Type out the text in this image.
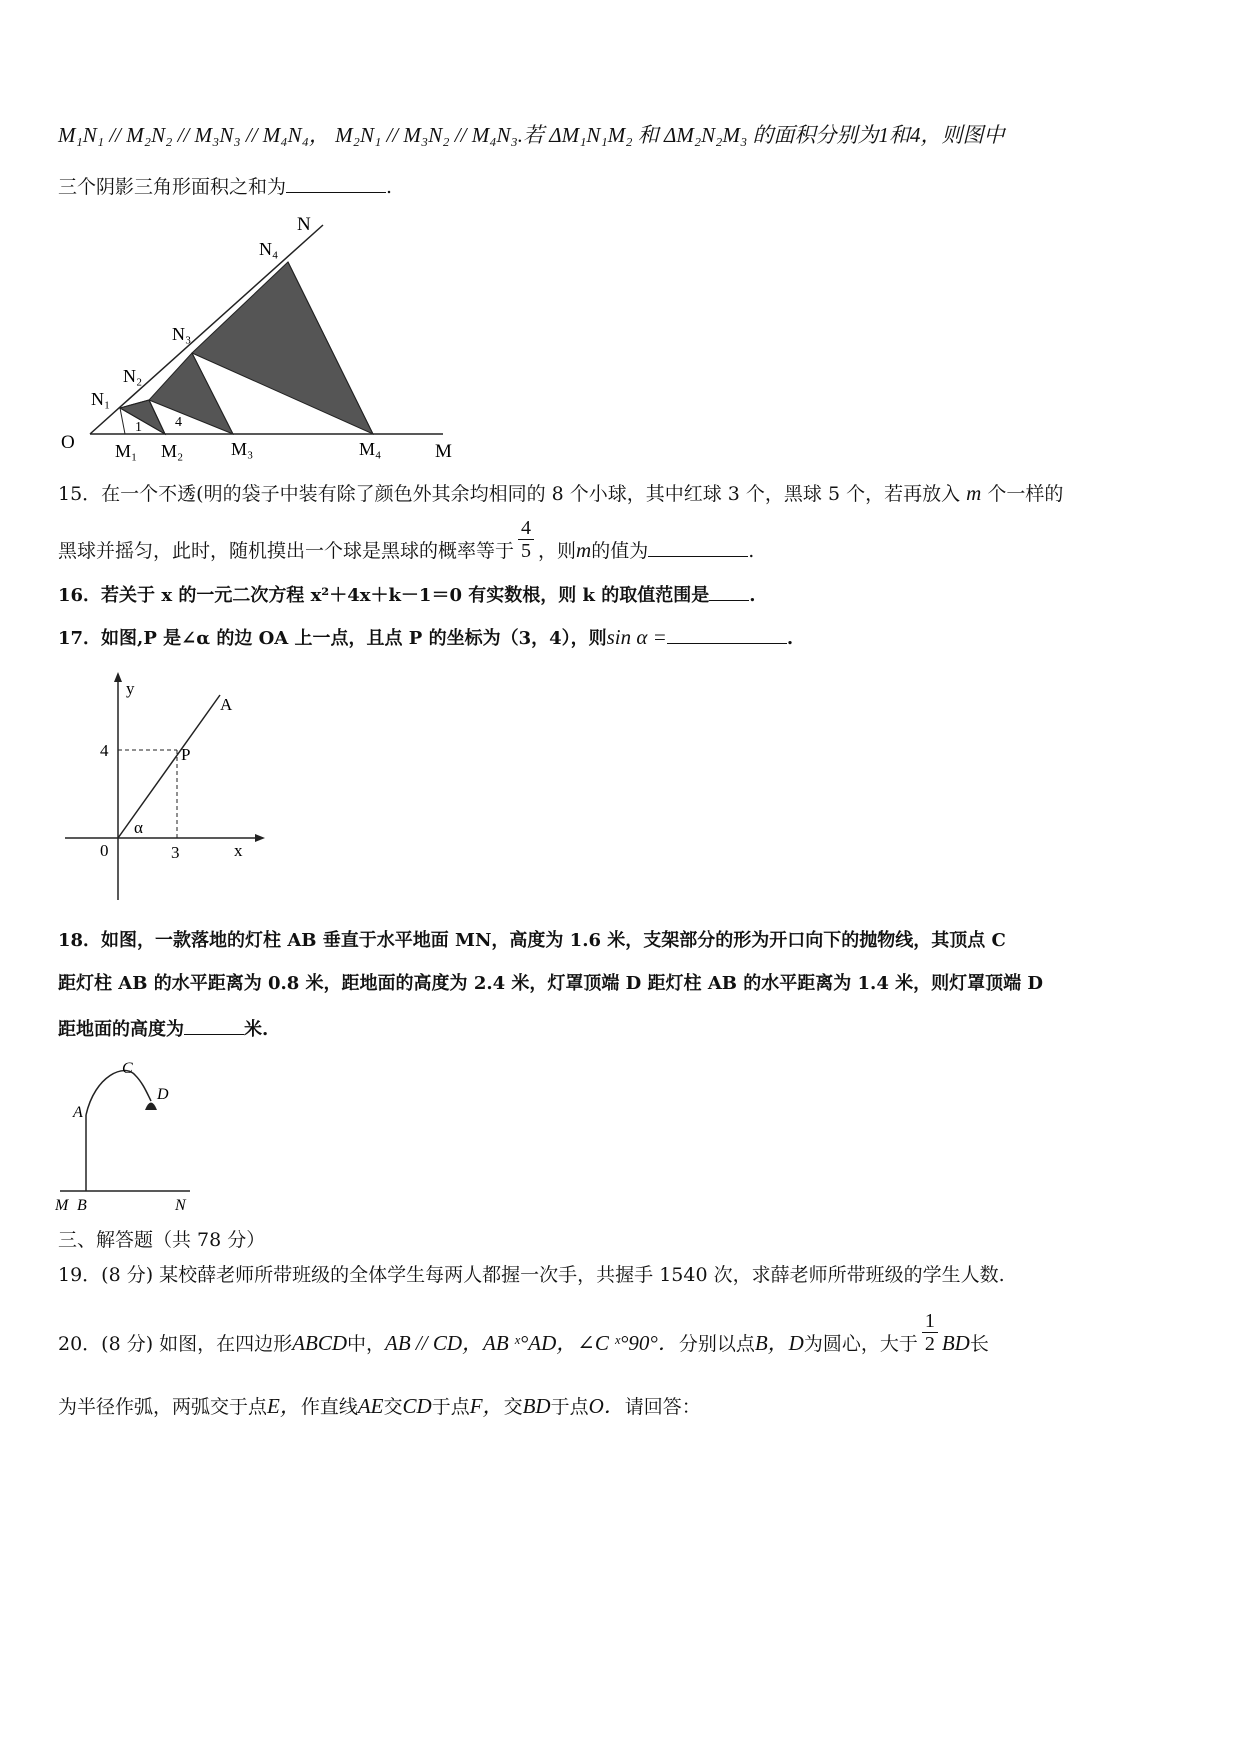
M₁N₁ // M₂N₂ // M₃N₃ // M₄N₄， M₂N₁ // M₃N₂ // M₄N₃.若 ΔM₁N₁M₂ 和 ΔM₂N₂M₃ 的面积分别为1和4，则图中
三个阴影三角形面积之和为	.
O	M
N
M₁ M₂	M₃	M₄
N₁
N₂
N₃
N₄
1 4
15．在一个不透(明的袋子中装有除了颜色外其余均相同的 8 个小球，其中红球 3 个，黑球 5 个，若再放入 m 个一样的
黑球并摇匀，此时，随机摸出一个球是黑球的概率等于 $\frac{4}{5}$ ，则m的值为	.
16．若关于 x 的一元二次方程 x²＋4x＋k－1＝0 有实数根，则 k 的取值范围是 .
17．如图,P 是∠α 的边 OA 上一点，且点 P 的坐标为（3，4），则sin α =	.
y
x
A
P
4
0	3
α
18．如图，一款落地的灯柱 AB 垂直于水平地面 MN，高度为 1.6 米，支架部分的形为开口向下的抛物线，其顶点 C
距灯柱 AB 的水平距离为 0.8 米，距地面的高度为 2.4 米，灯罩顶端 D 距灯柱 AB 的水平距离为 1.4 米，则灯罩顶端 D
距地面的高度为	米.
A
C
D
M B	N
三、解答题（共 78 分）
19．(8 分) 某校薛老师所带班级的全体学生每两人都握一次手，共握手 1540 次，求薛老师所带班级的学生人数.
20．(8 分) 如图，在四边形ABCD中，AB // CD，AB ˣ°AD，∠C ˣ°90°．分别以点B，D为圆心，大于 $\frac{1}{2}$ BD长
为半径作弧，两弧交于点E，作直线AE交CD于点F，交BD于点O．请回答：
